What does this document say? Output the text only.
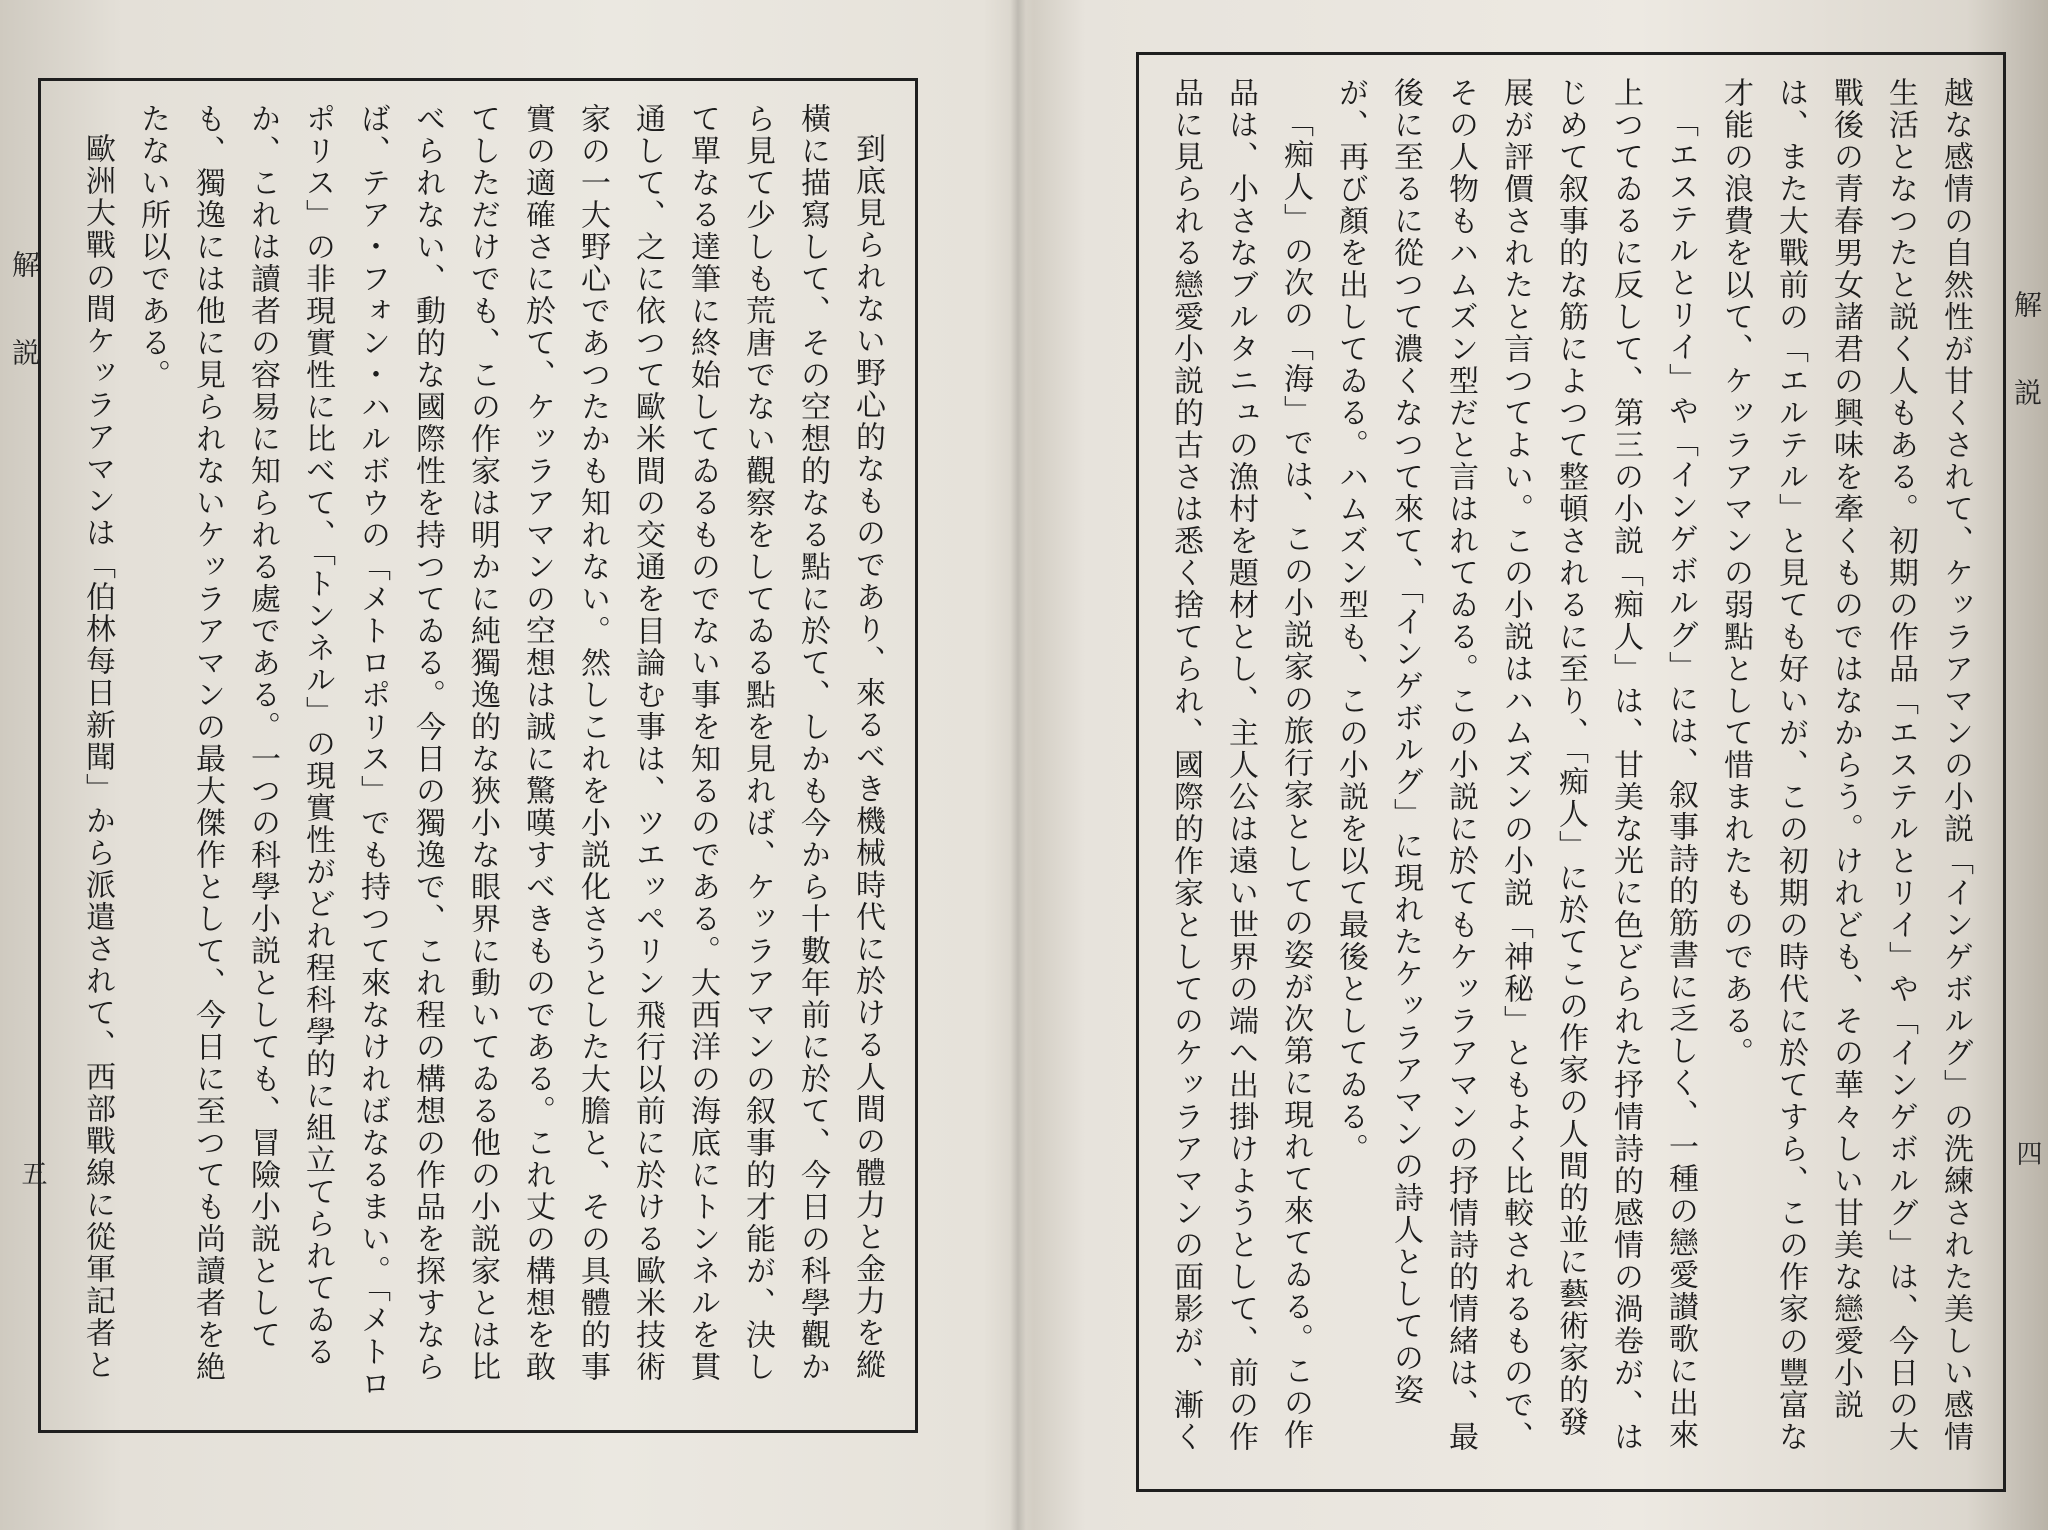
解説	到底見られない野心的なものであり、來るべき機械時代に於ける人間の體力と金力を縱橫に描寫して、その空想的なる點に於て、しかも今から十數年前に於て、今日の科學觀から見て少しも荒唐でない觀察をしてゐる點を見れば、ケッラアマンの叙事的才能が、決して單なる達筆に終始してゐるものでない事を知るのである。大西洋の海底にトンネルを貫通して、之に依つて歐米間の交通を目論む事は、ツエッペリン飛行以前に於ける歐米技術家の一大野心であつたかも知れない。然しこれを小説化さうとした大膽と、その具體的事實の適確さに於て、ケッラアマンの空想は誠に驚嘆すべきものである。これ丈の構想を敢てしただけでも、この作家は明かに純獨逸的な狹小な眼界に動いてゐる他の小説家とは比べられない、動的な國際性を持つてゐる。今日の獨逸で、これ程の構想の作品を探すならば、テア・フォン・ハルボウの「メトロポリス」でも持つて來なければなるまい。「メトロポリス」の非現實性に比べて、「トンネル」の現實性がどれ程科學的に組立てられてゐるか、これは讀者の容易に知られる處である。一つの科學小説としても、冒險小説としても、獨逸には他に見られないケッラアマンの最大傑作として、今日に至つても尚讀者を絶たない所以である。

歐洲大戰の間ケッラアマンは「伯林每日新聞」から派遣されて、西部戰線に從軍記者と

五	越な感情の自然性が甘くされて、ケッラアマンの小説「インゲボルグ」の洗練された美しい感情生活となつたと説く人もある。初期の作品「エステルとリイ」や「インゲボルグ」は、今日の大戰後の青春男女諸君の興味を牽くものではなからう。けれども、その華々しい甘美な戀愛小説は、また大戰前の「エルテル」と見ても好いが、この初期の時代に於てすら、この作家の豐富な才能の浪費を以て、ケッラアマンの弱點として惜まれたものである。

「エステルとリイ」や「インゲボルグ」には、叙事詩的筋書に乏しく、一種の戀愛讃歌に出來上つてゐるに反して、第三の小説「痴人」は、甘美な光に色どられた抒情詩的感情の渦卷が、はじめて叙事的な筋によつて整頓されるに至り、「痴人」に於てこの作家の人間的並に藝術家的發展が評價されたと言つてよい。この小説はハムズンの小説「神秘」ともよく比較されるもので、その人物もハムズン型だと言はれてゐる。この小説に於てもケッラアマンの抒情詩的情緒は、最後に至るに從つて濃くなつて來て、「インゲボルグ」に現れたケッラアマンの詩人としての姿が、再び顏を出してゐる。ハムズン型も、この小説を以て最後としてゐる。

「痴人」の次の「海」では、この小説家の旅行家としての姿が次第に現れて來てゐる。この作品は、小さなブルタニュの漁村を題材とし、主人公は遠い世界の端へ出掛けようとして、前の作品に見られる戀愛小説的古さは悉く捨てられ、國際的作家としてのケッラアマンの面影が、漸く

解説
四
